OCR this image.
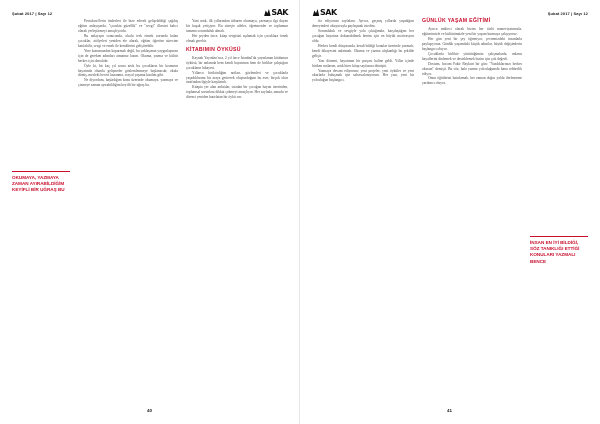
Şubat 2017 | Sayı 12	SAK
OKUMAYA, YAZMAYA ZAMAN AYIRABİLDİĞİM KEYİFLİ BİR UĞRAŞ BU

Pestalozzi'lerin önderleri ile bize ederek gelişebildiği çağdaş eğitim anlayışında, "çocukta güzellik" ve "sevgi" ilkesini kalıcı olarak yerleştirmeyi amaçlıyordu.

Bu anlayışın sonucunda, okulu terk etmek zorunda kalan çocuklar, atölyeleri yeniden ele alarak, eğitim öğretim sürecine katılabilir, sevgi ve emek ile kendilerini geliştirebilir.

Yine konumuzdan koparmak değil, bu yaklaşımın yaygınlaşması için de gereken adımları atmamız lazım. Okuma, yazma ve kültür herkes için olmalıdır.

Öyle ki, bir kaç yıl sonra artık bu çocukların bir kısmının hayatında olumlu gelişmeler gözlemlenmeye başlanacak; okula dönüş, mesleki beceri kazanma, sosyal yaşama katılım gibi.

Ne diyordum, başladığım konu üzerinde okumaya, yazmaya ve çizmeye zaman ayırabildiğim keyifli bir uğraş bu.

Yani artık, ilk yıllarından itibaren okumaya, yazmaya ilgi duyan bir kuşak yetişiyor. Bu süreçte aileler, öğretmenler ve toplumun tamamı sorumluluk almalı.

Her şeyden önce, kitap sevgisini aşılamak için çocuklara örnek olmak gerekir.

KİTABIMIN ÖYKÜSÜ

Kaynak Yayınları'nca, 2 yıl önce İstanbul'da yayınlanan kitabımın öyküsü, bir anlamda hem kendi hayatımın hem de birlikte çalıştığım çocukların hikayesi.

Yıllarca biriktirdiğim notları, gözlemleri ve çocuklarla yaşadıklarımı bir araya getirerek oluşturduğum bu eser, birçok okur tarafından ilgiyle karşılandı.

Kitapta yer alan anlatılar, sıradan bir çocuğun hayatı üzerinden, toplumsal sorunlara dikkat çekmeyi amaçlıyor. Her sayfada, umudu ve direnci yeniden hatırlatan bir öykü var.

40
SAK	Şubat 2017 | Sayı 12

ifa ediyorum sayfalara. Ayrıca, geçmiş yıllarda yaşadığım deneyimleri okuyucuyla paylaşmak istedim.

Sorumluluk ve sevgiyle yola çıktığımda, karşılaştığım her çocuğun hayatına dokunabilmek benim için en büyük motivasyon oldu.

Herkes kendi dünyasında, kendi bildiği konular üzerinde yazmalı; kendi hikayesini anlatmalı. Okuma ve yazma alışkanlığı bu şekilde gelişir.

Yazı dönemi, hayatımın bir parçası haline geldi. Yıllar içinde biriken notlarım, artık birer kitap sayfasına dönüştü.

Yazmaya devam ediyorum; yeni projeler, yeni öyküler ve yeni okurlarla buluşmak için sabırsızlanıyorum. Her yazı, yeni bir yolculuğun başlangıcı.

GÜNLÜK YAŞAM EĞİTİMİ

Ayrıca mülteci olarak bizim her türlü maneviyatımızla, eğitimimizle ve kültürümüzle yeni bir yaşam kurmaya çalışıyoruz.

Her gün yeni bir şey öğreniyor, çevremizdeki insanlarla paylaşıyoruz. Günlük yaşamdaki küçük adımlar, büyük değişimlerin başlangıcı oluyor.

Çocuklarla birlikte yürüttüğümüz çalışmalarda, onların hayallerini dinlemek ve desteklemek bizim için çok değerli.

Dostum, hocam Fakir Baykurt bir gün: "Yazdıklarınızı herkes okusun" demişti. Bu söz, hala yazma yolculuğumda bana rehberlik ediyor.

Onun öğütlerini hatırlamak, her zaman doğru yolda ilerlememe yardımcı oluyor.

İNSAN EN İYİ BİLDİĞİ, SÖZ TANIKLIĞI ETTİĞİ KONULARI YAZMALI BENCE
41
